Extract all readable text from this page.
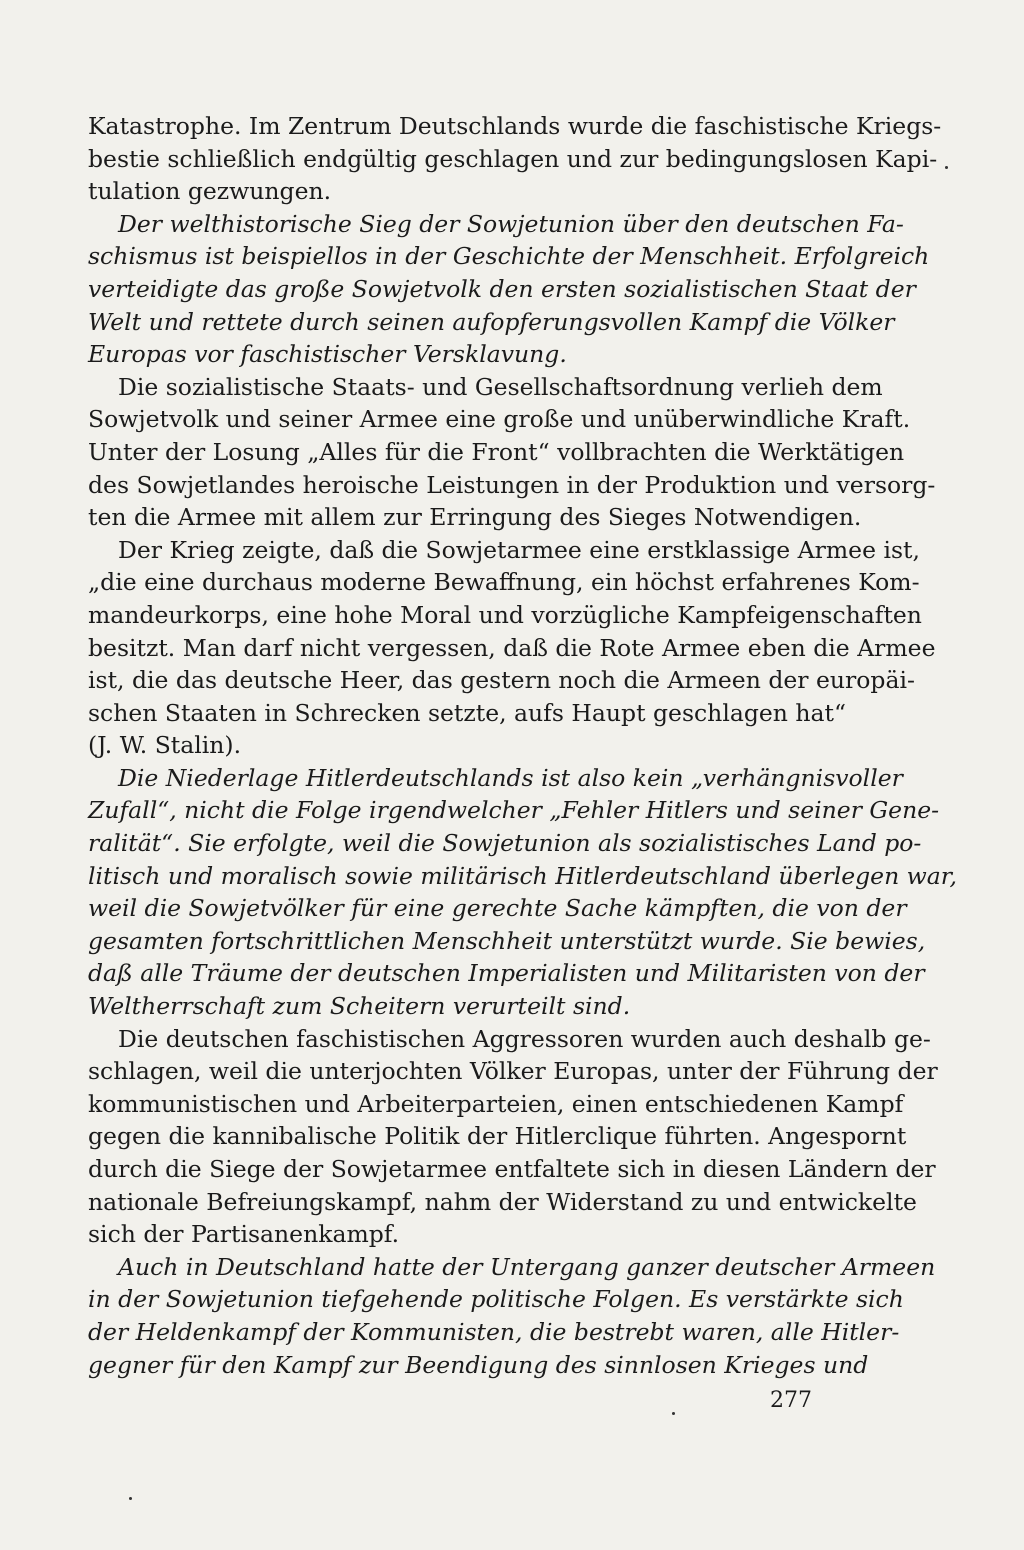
Katastrophe. Im Zentrum Deutschlands wurde die faschistische Kriegs-
bestie schließlich endgültig geschlagen und zur bedingungslosen Kapi-
tulation gezwungen.

Der welthistorische Sieg der Sowjetunion über den deutschen Fa-
schismus ist beispiellos in der Geschichte der Menschheit. Erfolgreich
verteidigte das große Sowjetvolk den ersten sozialistischen Staat der
Welt und rettete durch seinen aufopferungsvollen Kampf die Völker
Europas vor faschistischer Versklavung.

Die sozialistische Staats- und Gesellschaftsordnung verlieh dem
Sowjetvolk und seiner Armee eine große und unüberwindliche Kraft.
Unter der Losung „Alles für die Front“ vollbrachten die Werktätigen
des Sowjetlandes heroische Leistungen in der Produktion und versorg-
ten die Armee mit allem zur Erringung des Sieges Notwendigen.

Der Krieg zeigte, daß die Sowjetarmee eine erstklassige Armee ist,
„die eine durchaus moderne Bewaffnung, ein höchst erfahrenes Kom-
mandeurkorps, eine hohe Moral und vorzügliche Kampfeigenschaften
besitzt. Man darf nicht vergessen, daß die Rote Armee eben die Armee
ist, die das deutsche Heer, das gestern noch die Armeen der europäi-
schen Staaten in Schrecken setzte, aufs Haupt geschlagen hat“
(J. W. Stalin).

Die Niederlage Hitlerdeutschlands ist also kein „verhängnisvoller
Zufall“, nicht die Folge irgendwelcher „Fehler Hitlers und seiner Gene-
ralität“. Sie erfolgte, weil die Sowjetunion als sozialistisches Land po-
litisch und moralisch sowie militärisch Hitlerdeutschland überlegen war,
weil die Sowjetvölker für eine gerechte Sache kämpften, die von der
gesamten fortschrittlichen Menschheit unterstützt wurde. Sie bewies,
daß alle Träume der deutschen Imperialisten und Militaristen von der
Weltherrschaft zum Scheitern verurteilt sind.

Die deutschen faschistischen Aggressoren wurden auch deshalb ge-
schlagen, weil die unterjochten Völker Europas, unter der Führung der
kommunistischen und Arbeiterparteien, einen entschiedenen Kampf
gegen die kannibalische Politik der Hitlerclique führten. Angespornt
durch die Siege der Sowjetarmee entfaltete sich in diesen Ländern der
nationale Befreiungskampf, nahm der Widerstand zu und entwickelte
sich der Partisanenkampf.

Auch in Deutschland hatte der Untergang ganzer deutscher Armeen
in der Sowjetunion tiefgehende politische Folgen. Es verstärkte sich
der Heldenkampf der Kommunisten, die bestrebt waren, alle Hitler-
gegner für den Kampf zur Beendigung des sinnlosen Krieges und

277
